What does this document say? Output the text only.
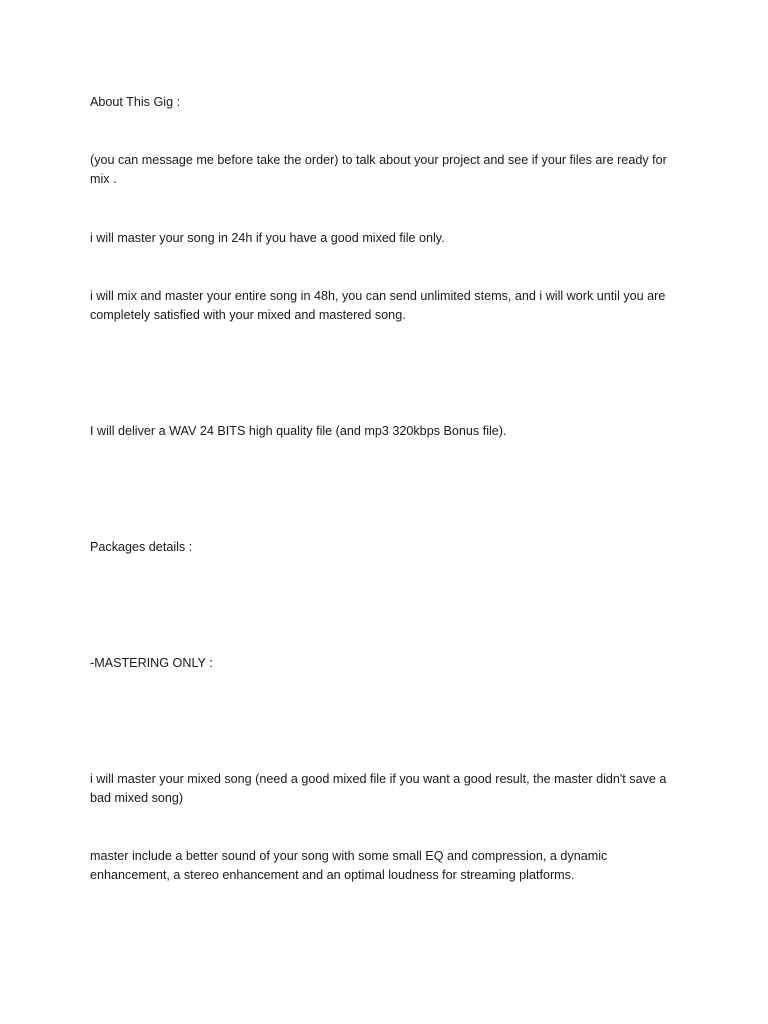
About This Gig :

(you can message me before take the order) to talk about your project and see if your files are ready for mix .

i will master your song in 24h if you have a good mixed file only.

i will mix and master your entire song in 48h, you can send unlimited stems, and i will work until you are completely satisfied with your mixed and mastered song.

I will deliver a WAV 24 BITS high quality file (and mp3 320kbps Bonus file).

Packages details :

-MASTERING ONLY :

i will master your mixed song (need a good mixed file if you want a good result, the master didn't save a bad mixed song)

master include a better sound of your song with some small EQ and compression, a dynamic enhancement, a stereo enhancement and an optimal loudness for streaming platforms.
